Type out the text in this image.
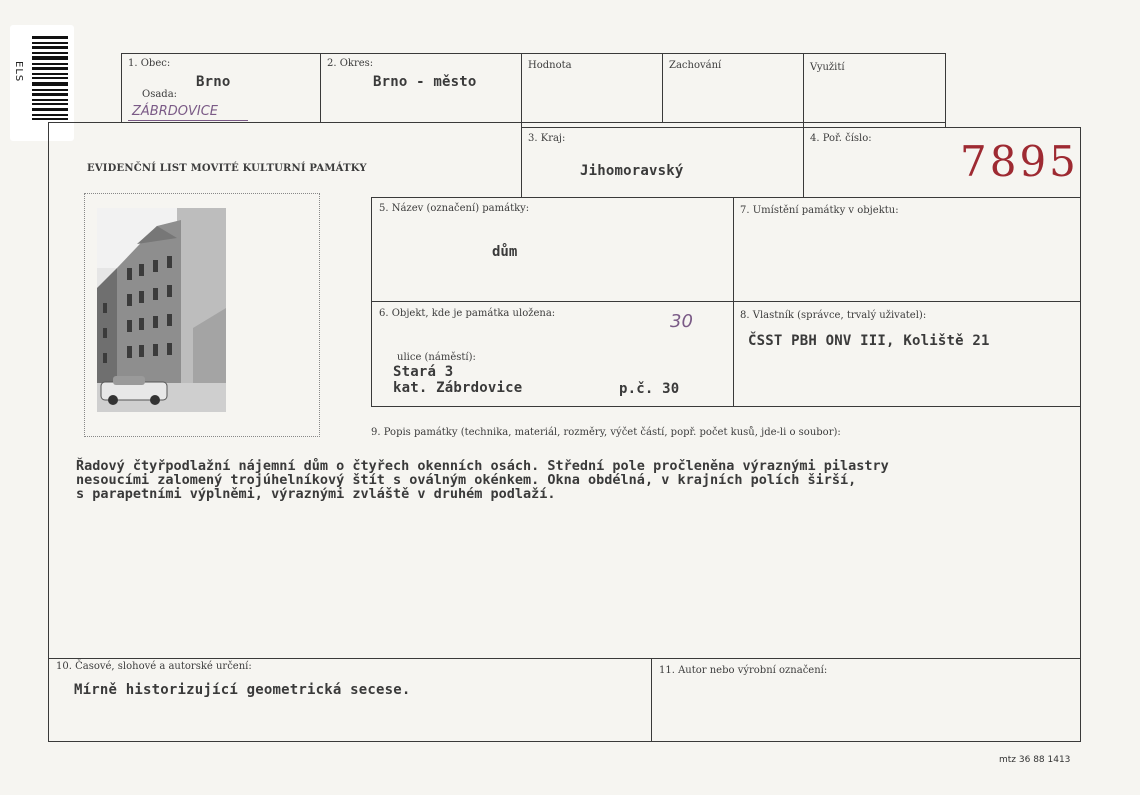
ELS	1. Obec:
Brno
Osada:
ZÁBRDOVICE
2. Okres:
Brno - město
Hodnota	Zachování	Využití
EVIDENČNÍ LIST MOVITÉ KULTURNÍ PAMÁTKY
3. Kraj:
Jihomoravský
4. Poř. číslo: 7895
5. Název (označení) památky:
dům
7. Umístění památky v objektu:
6. Objekt, kde je památka uložena:	30
ulice (náměstí):
Stará 3
kat. Zábrdovice	p.č. 30
8. Vlastník (správce, trvalý uživatel):
ČSST PBH ONV III, Koliště 21
9. Popis památky (technika, materiál, rozměry, výčet částí, popř. počet kusů, jde-li o soubor):
Řadový čtyřpodlažní nájemní dům o čtyřech okenních osách. Střední pole pročleněna výraznými pilastry
nesoucími zalomený trojúhelníkový štít s oválným okénkem. Okna obdélná, v krajních polích širší,
s parapetními výplněmi, výraznými zvláště v druhém podlaží.
10. Časové, slohové a autorské určení:
Mírně historizující geometrická secese.
11. Autor nebo výrobní označení:
mtz 36 88 1413
